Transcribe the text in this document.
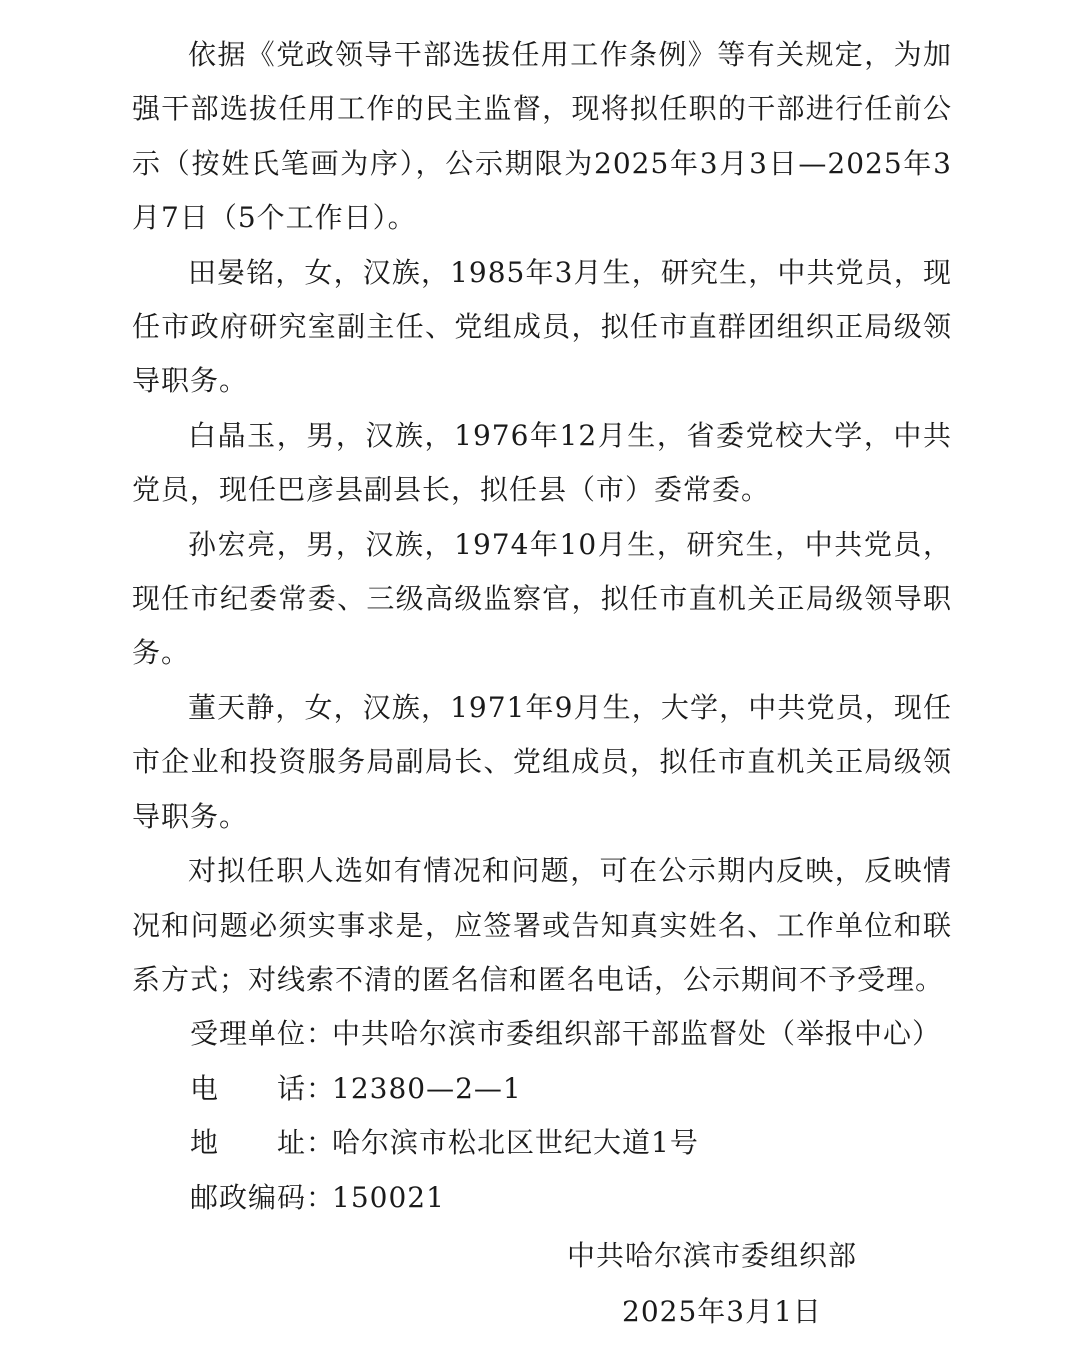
依据《党政领导干部选拔任用工作条例》等有关规定，为加强干部选拔任用工作的民主监督，现将拟任职的干部进行任前公示（按姓氏笔画为序），公示期限为2025年3月3日—2025年3月7日（5个工作日）。

田晏铭，女，汉族，1985年3月生，研究生，中共党员，现任市政府研究室副主任、党组成员，拟任市直群团组织正局级领导职务。

白晶玉，男，汉族，1976年12月生，省委党校大学，中共党员，现任巴彦县副县长，拟任县（市）委常委。

孙宏亮，男，汉族，1974年10月生，研究生，中共党员，现任市纪委常委、三级高级监察官，拟任市直机关正局级领导职务。

董天静，女，汉族，1971年9月生，大学，中共党员，现任市企业和投资服务局副局长、党组成员，拟任市直机关正局级领导职务。

对拟任职人选如有情况和问题，可在公示期内反映，反映情况和问题必须实事求是，应签署或告知真实姓名、工作单位和联系方式；对线索不清的匿名信和匿名电话，公示期间不予受理。

受理单位：中共哈尔滨市委组织部干部监督处（举报中心）
电　　话：12380—2—1
地　　址：哈尔滨市松北区世纪大道1号
邮政编码：150021
中共哈尔滨市委组织部
2025年3月1日
